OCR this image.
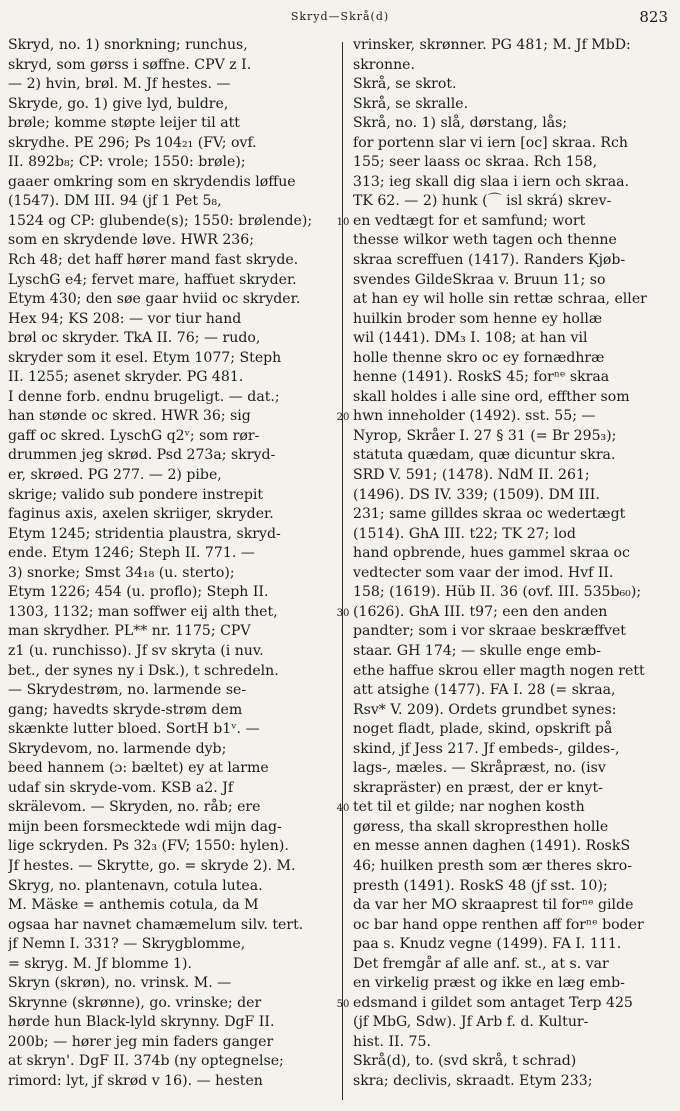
Skryd—Skrå(d)	823
Skryd, no. 1) snorkning; runchus,
skryd, som gørss i søffne. CPV z I.
— 2) hvin, brøl. M. Jf hestes. —
Skryde, go. 1) give lyd, buldre,
brøle; komme støpte leijer til att
skrydhe. PE 296; Ps 104₂₁ (FV; ovf.
II. 892b₈; CP: vrole; 1550: brøle);
gaaer omkring som en skrydendis løffue
(1547). DM III. 94 (jf 1 Pet 5₈,
1524 og CP: glubende(s); 1550: brølende);
som en skrydende løve. HWR 236;
Rch 48; det haff hører mand fast skryde.
LyschG e4; fervet mare, haffuet skryder.
Etym 430; den søe gaar hviid oc skryder.
Hex 94; KS 208: — vor tiur hand
brøl oc skryder. TkA II. 76; — rudo,
skryder som it esel. Etym 1077; Steph
II. 1255; asenet skryder. PG 481.
I denne forb. endnu brugeligt. — dat.;
han stønde oc skred. HWR 36; sig
gaff oc skred. LyschG q2ᵛ; som rør-
drummen jeg skrød. Psd 273a; skryd-
er, skrøed. PG 277. — 2) pibe,
skrige; valido sub pondere instrepit
faginus axis, axelen skriiger, skryder.
Etym 1245; stridentia plaustra, skryd-
ende. Etym 1246; Steph II. 771. —
3) snorke; Smst 34₁₈ (u. sterto);
Etym 1226; 454 (u. proflo); Steph II.
1303, 1132; man soffwer eij alth thet,
man skrydher. PL** nr. 1175; CPV
z1 (u. runchisso). Jf sv skryta (i nuv.
bet., der synes ny i Dsk.), t schredeln.
— Skrydestrøm, no. larmende se-
gang; havedts skryde-strøm dem
skænkte lutter bloed. SortH b1ᵛ. —
Skrydevom, no. larmende dyb;
beed hannem (ɔ: bæltet) ey at larme
udaf sin skryde-vom. KSB a2. Jf
skrälevom. — Skryden, no. råb; ere
mijn been forsmecktede wdi mijn dag-
lige sckryden. Ps 32₃ (FV; 1550: hylen).
Jf hestes. — Skrytte, go. = skryde 2). M.
Skryg, no. plantenavn, cotula lutea.
M. Mäske = anthemis cotula, da M
ogsaa har navnet chamæmelum silv. tert.
jf Nemn I. 331? — Skrygblomme,
= skryg. M. Jf blomme 1).
Skryn (skrøn), no. vrinsk. M. —
Skrynne (skrønne), go. vrinske; der
hørde hun Black-lyld skrynny. DgF II.
200b; — hører jeg min faders ganger
at skryn'. DgF II. 374b (ny optegnelse;
rimord: lyt, jf skrød v 16). — hesten
vrinsker, skrønner. PG 481; M. Jf MbD:
skronne.
Skrå, se skrot.
Skrå, se skralle.
Skrå, no. 1) slå, dørstang, lås;
for portenn slar vi iern [oc] skraa. Rch
155; seer laass oc skraa. Rch 158,
313; ieg skall dig slaa i iern och skraa.
TK 62. — 2) hunk (⌒ isl skrá) skrev-
en vedtægt for et samfund; wort
thesse wilkor weth tagen och thenne
skraa screffuen (1417). Randers Kjøb-
svendes GildeSkraa v. Bruun 11; so
at han ey wil holle sin rettæ schraa, eller
huilkin broder som henne ey hollæ
wil (1441). DM₃ I. 108; at han vil
holle thenne skro oc ey fornædhræ
henne (1491). RoskS 45; forⁿᵉ skraa
skall holdes i alle sine ord, effther som
hwn inneholder (1492). sst. 55; —
Nyrop, Skråer I. 27 § 31 (= Br 295₃);
statuta quædam, quæ dicuntur skra.
SRD V. 591; (1478). NdM II. 261;
(1496). DS IV. 339; (1509). DM III.
231; same gilldes skraa oc wedertægt
(1514). GhA III. t22; TK 27; lod
hand opbrende, hues gammel skraa oc
vedtecter som vaar der imod. Hvf II.
158; (1619). Hüb II. 36 (ovf. III. 535b₆₀);
(1626). GhA III. t97; een den anden
pandter; som i vor skraae beskræffvet
staar. GH 174; — skulle enge emb-
ethe haffue skrou eller magth nogen rett
att atsighe (1477). FA I. 28 (= skraa,
Rsv* V. 209). Ordets grundbet synes:
noget fladt, plade, skind, opskrift på
skind, jf Jess 217. Jf embeds-, gildes-,
lags-, mæles. — Skråpræst, no. (isv
skrapräster) en præst, der er knyt-
tet til et gilde; nar noghen kosth
gøress, tha skall skropresthen holle
en messe annen daghen (1491). RoskS
46; huilken presth som ær theres skro-
presth (1491). RoskS 48 (jf sst. 10);
da var her MO skraaprest til forⁿᵉ gilde
oc bar hand oppe renthen aff forⁿᵉ boder
paa s. Knudz vegne (1499). FA I. 111.
Det fremgår af alle anf. st., at s. var
en virkelig præst og ikke en læg emb-
edsmand i gildet som antaget Terp 425
(jf MbG, Sdw). Jf Arb f. d. Kultur-
hist. II. 75.
Skrå(d), to. (svd skrå, t schrad)
skra; declivis, skraadt. Etym 233;
10
20
30
40
50
